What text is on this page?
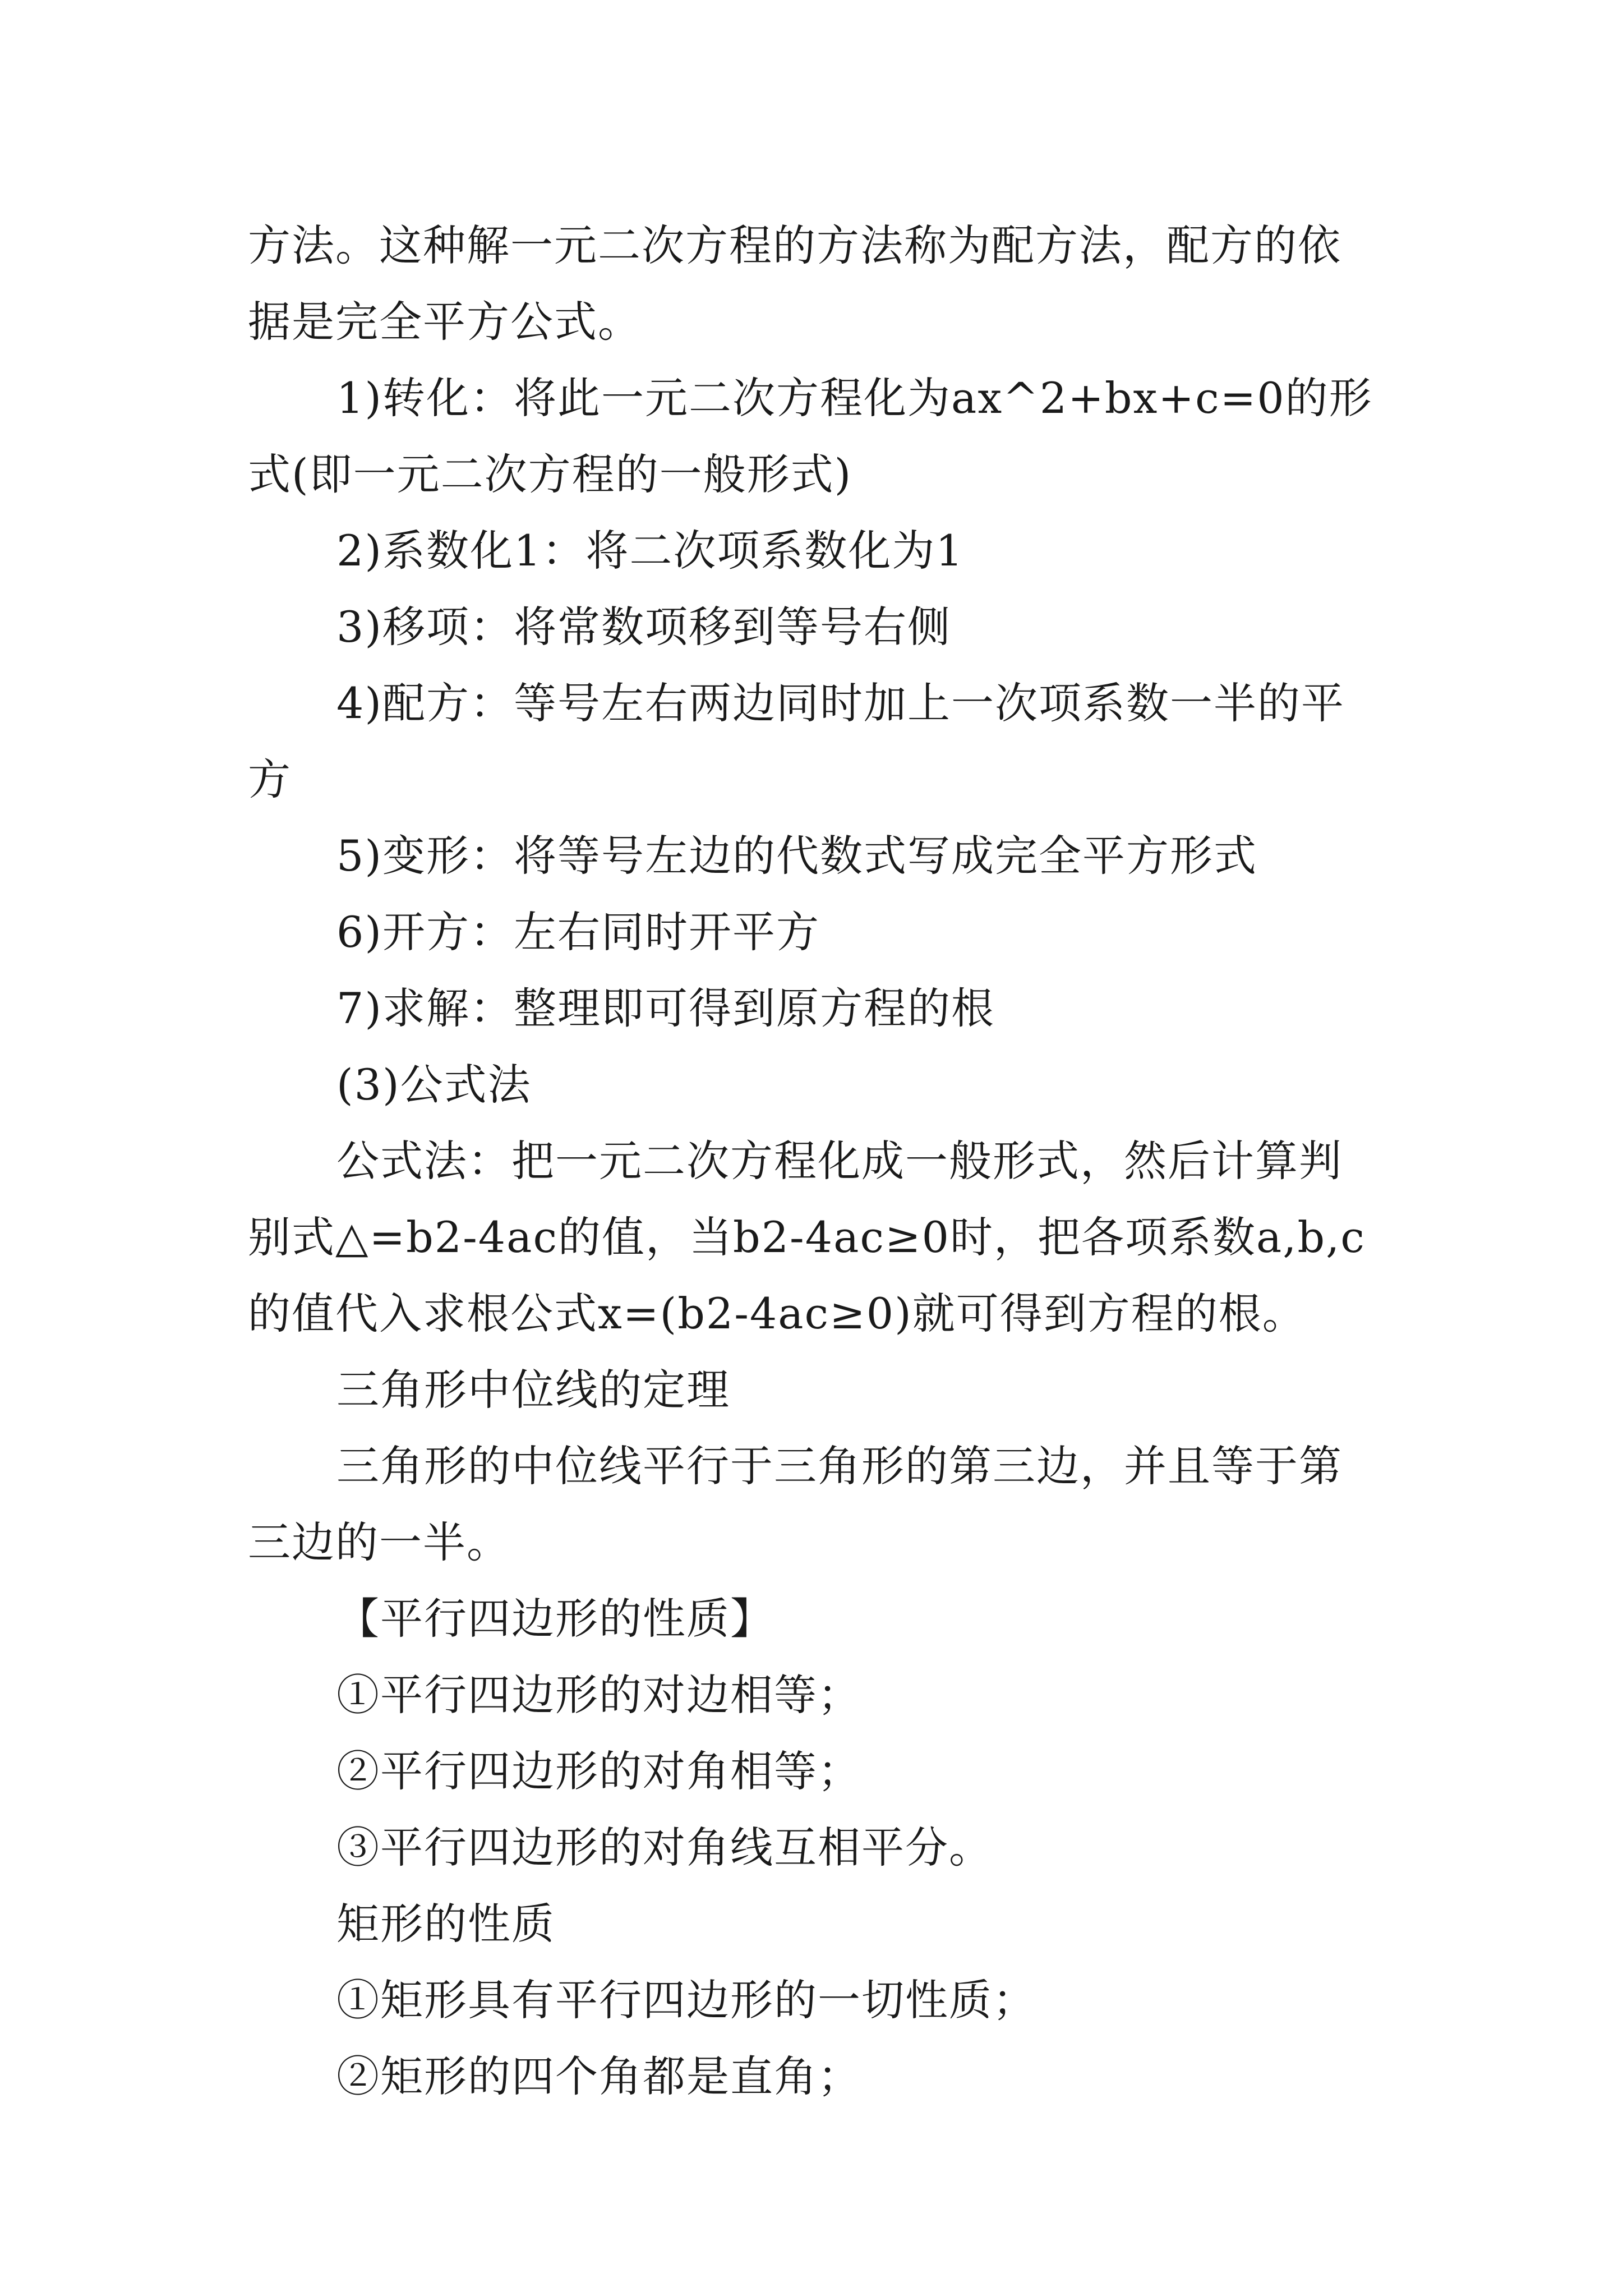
方法。这种解一元二次方程的方法称为配方法，配方的依据是完全平方公式。

1)转化：将此一元二次方程化为ax^2+bx+c=0的形式(即一元二次方程的一般形式)

2)系数化1：将二次项系数化为1

3)移项：将常数项移到等号右侧

4)配方：等号左右两边同时加上一次项系数一半的平方

5)变形：将等号左边的代数式写成完全平方形式

6)开方：左右同时开平方

7)求解：整理即可得到原方程的根

(3)公式法

公式法：把一元二次方程化成一般形式，然后计算判别式△=b2-4ac的值，当b2-4ac≥0时，把各项系数a,b,c的值代入求根公式x=(b2-4ac≥0)就可得到方程的根。

三角形中位线的定理

三角形的中位线平行于三角形的第三边，并且等于第三边的一半。

【平行四边形的性质】

①平行四边形的对边相等；

②平行四边形的对角相等；

③平行四边形的对角线互相平分。

矩形的性质

①矩形具有平行四边形的一切性质；

②矩形的四个角都是直角；
